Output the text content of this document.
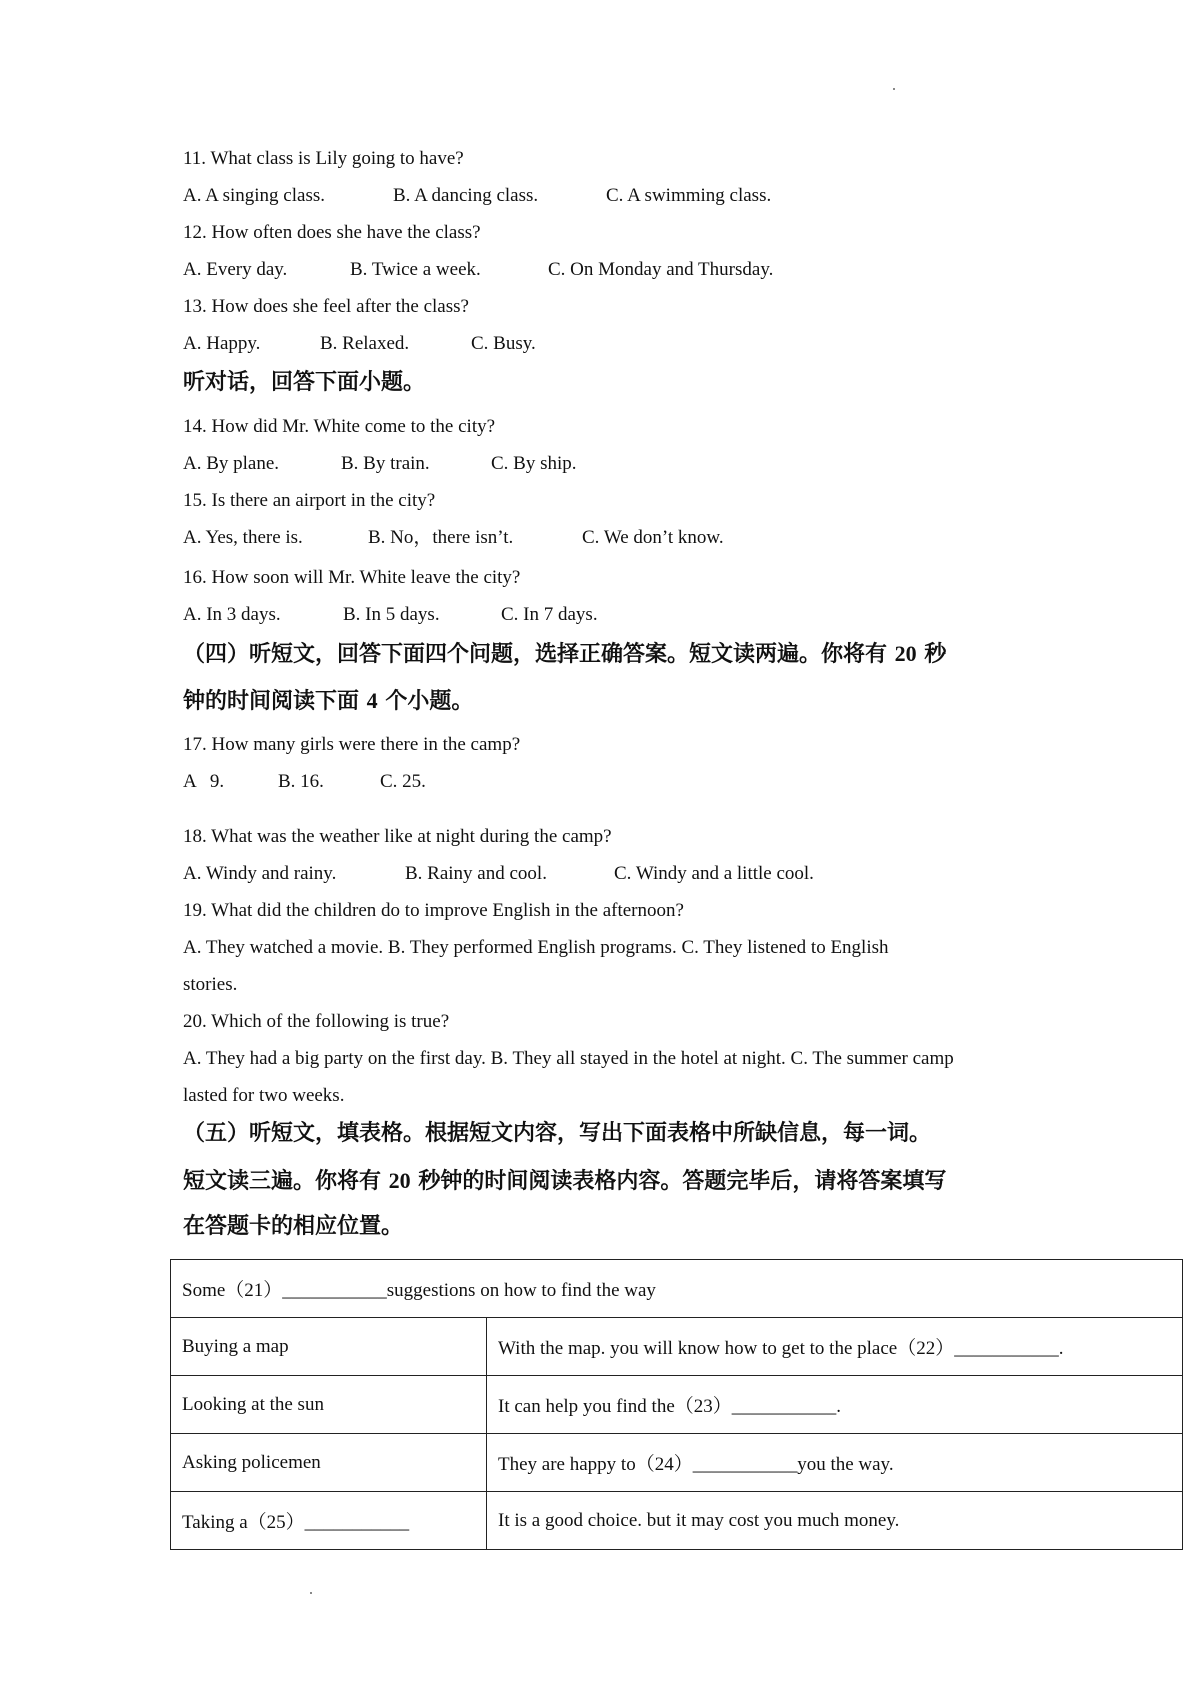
11. What class is Lily going to have?
A. A singing class.	B. A dancing class.	C. A swimming class.
12. How often does she have the class?
A. Every day.	B. Twice a week.	C. On Monday and Thursday.
13. How does she feel after the class?
A. Happy.	B. Relaxed.	C. Busy.
听对话，回答下面小题。
14. How did Mr. White come to the city?
A. By plane.	B. By train.	C. By ship.
15. Is there an airport in the city?
A. Yes, there is.	B. No，there isn’t.	C. We don’t know.
16. How soon will Mr. White leave the city?
A. In 3 days.	B. In 5 days.	C. In 7 days.
（四）听短文，回答下面四个问题，选择正确答案。短文读两遍。你将有 20 秒
钟的时间阅读下面 4 个小题。
17. How many girls were there in the camp?
A   9.	B. 16.	C. 25.
18. What was the weather like at night during the camp?
A. Windy and rainy.	B. Rainy and cool.	C. Windy and a little cool.
19. What did the children do to improve English in the afternoon?
A. They watched a movie. B. They performed English programs. C. They listened to English
stories.
20. Which of the following is true?
A. They had a big party on the first day. B. They all stayed in the hotel at night. C. The summer camp
lasted for two weeks.
（五）听短文，填表格。根据短文内容，写出下面表格中所缺信息，每一词。
短文读三遍。你将有 20 秒钟的时间阅读表格内容。答题完毕后，请将答案填写
在答题卡的相应位置。
Some（21）___________suggestions on how to find the way	
Buying a map	With the map. you will know how to get to the place（22）___________.
Looking at the sun	It can help you find the（23）___________.
Asking policemen	They are happy to（24）___________you the way.
Taking a（25）___________	It is a good choice. but it may cost you much money.
